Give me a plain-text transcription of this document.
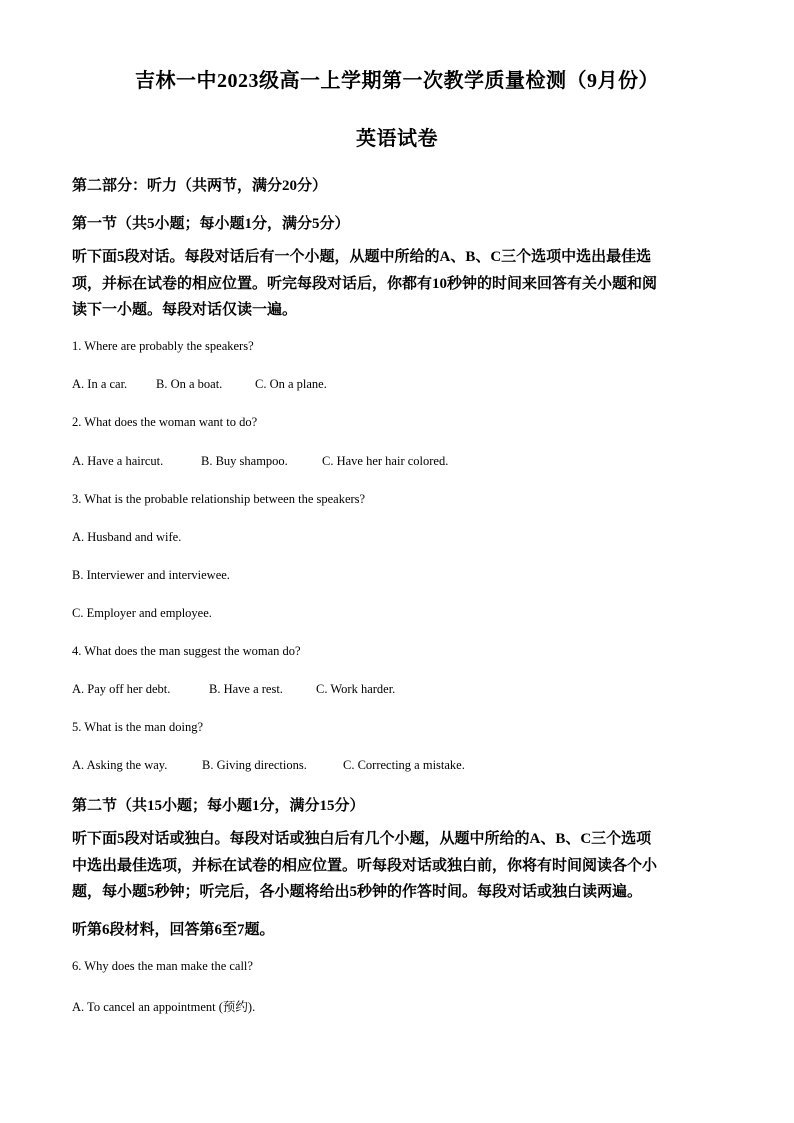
吉林一中2023级高一上学期第一次教学质量检测（9月份）
英语试卷
第二部分：听力（共两节，满分20分）
第一节（共5小题；每小题1分，满分5分）
听下面5段对话。每段对话后有一个小题，从题中所给的A、B、C三个选项中选出最佳选
项，并标在试卷的相应位置。听完每段对话后，你都有10秒钟的时间来回答有关小题和阅
读下一小题。每段对话仅读一遍。
1. Where are probably the speakers?
A. In a car. B. On a boat.	C. On a plane.
2. What does the woman want to do?
A. Have a haircut.	B. Buy shampoo.	C. Have her hair colored.
3. What is the probable relationship between the speakers?
A. Husband and wife.
B. Interviewer and interviewee.
C. Employer and employee.
4. What does the man suggest the woman do?
A. Pay off her debt.	B. Have a rest.	C. Work harder.
5. What is the man doing?
A. Asking the way.	B. Giving directions.	C. Correcting a mistake.
第二节（共15小题；每小题1分，满分15分）
听下面5段对话或独白。每段对话或独白后有几个小题，从题中所给的A、B、C三个选项
中选出最佳选项，并标在试卷的相应位置。听每段对话或独白前，你将有时间阅读各个小
题，每小题5秒钟；听完后，各小题将给出5秒钟的作答时间。每段对话或独白读两遍。
听第6段材料，回答第6至7题。
6. Why does the man make the call?
A. To cancel an appointment (预约).
